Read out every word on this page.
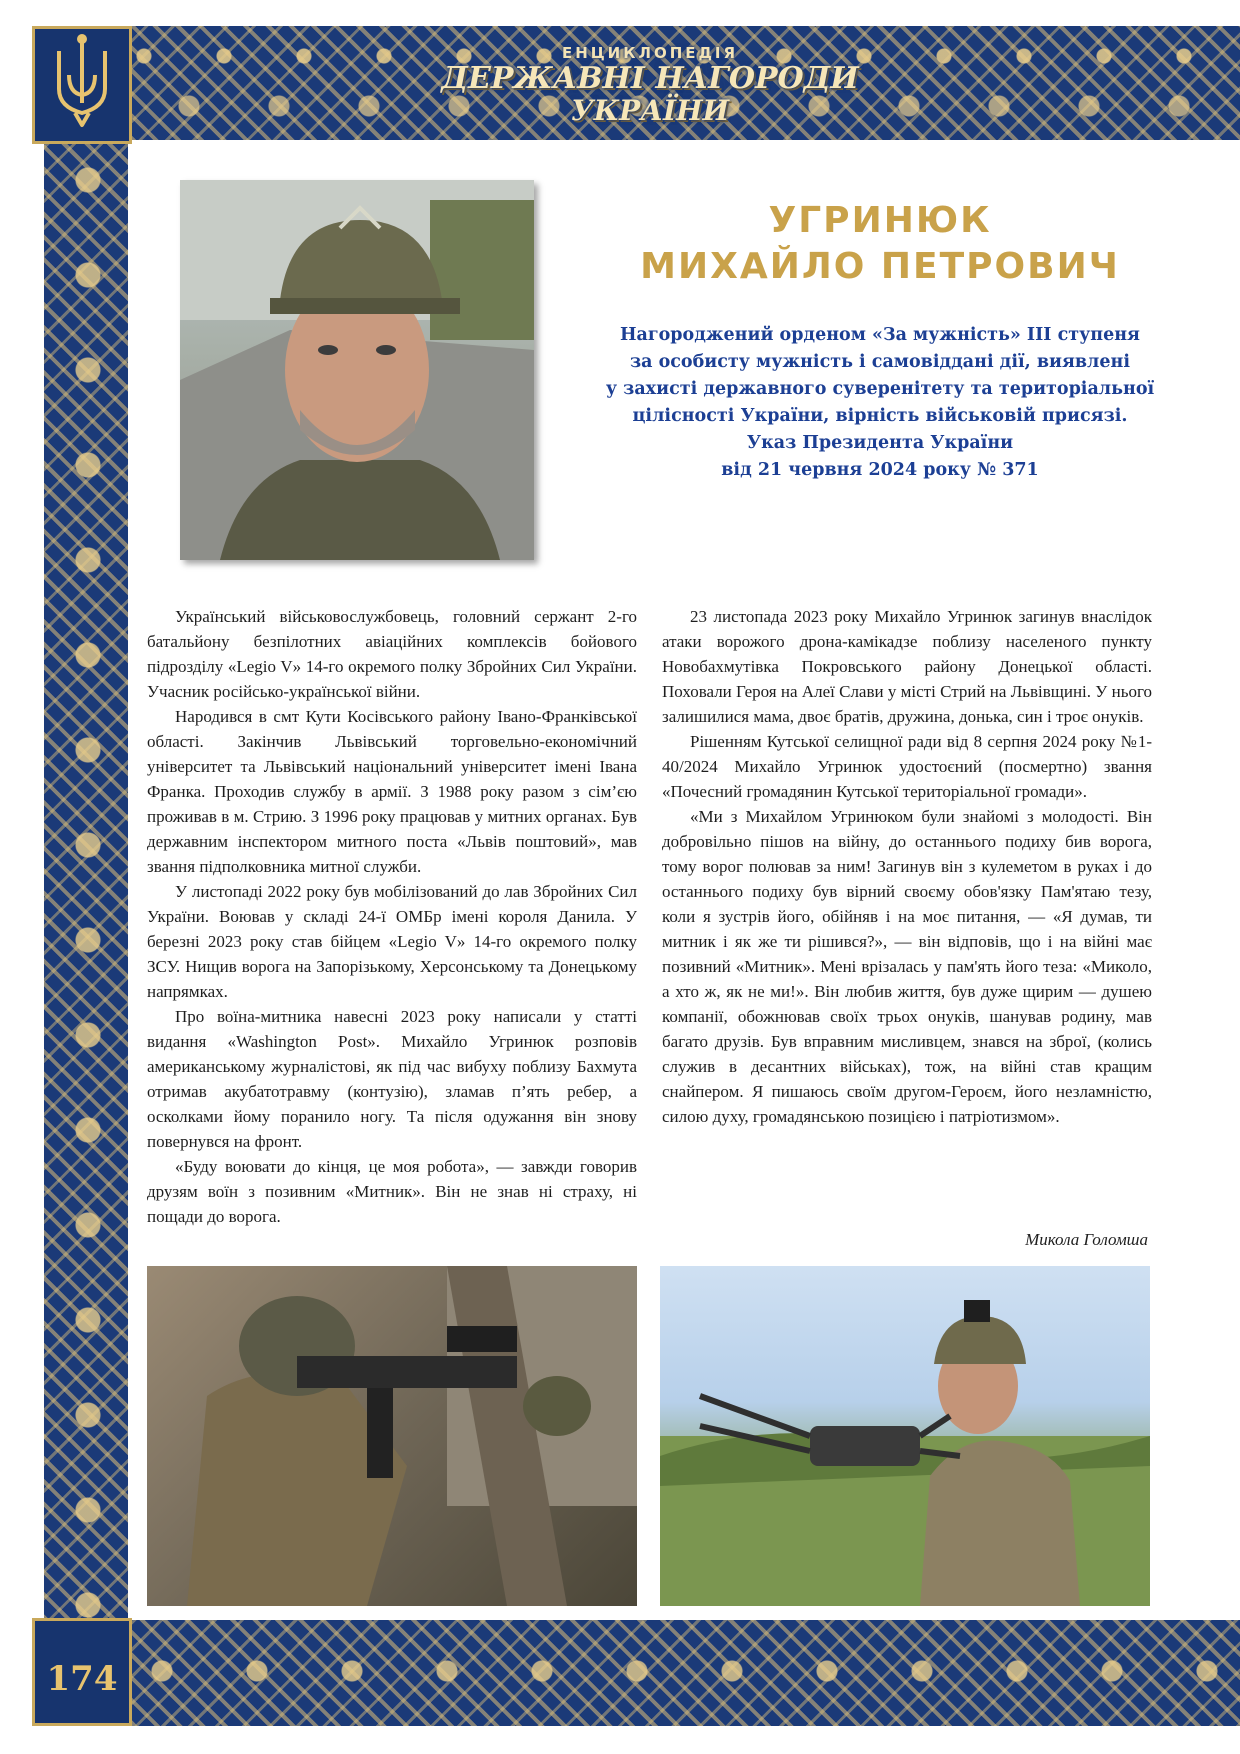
ЕНЦИКЛОПЕДІЯ
ДЕРЖАВНІ НАГОРОДИ
УКРАЇНИ
УГРИНЮК
МИХАЙЛО ПЕТРОВИЧ
Нагороджений орденом «За мужність» III ступеня
за особисту мужність і самовіддані дії, виявлені
у захисті державного суверенітету та територіальної
цілісності України, вірність військовій присязі.
Указ Президента України
від 21 червня 2024 року № 371

Український військовослужбовець, головний сержант 2-го батальйону безпілотних авіаційних комплексів бойового підрозділу «Legio V» 14-го окремого полку Збройних Сил України. Учасник російсько-української війни.

Народився в смт Кути Косівського району Івано-Франківської області. Закінчив Львівський торговельно-економічний університет та Львівський національний університет імені Івана Франка. Проходив службу в армії. З 1988 року разом з сім’єю проживав в м. Стрию. З 1996 року працював у митних органах. Був державним інспектором митного поста «Львів поштовий», мав звання підполковника митної служби.

У листопаді 2022 року був мобілізований до лав Збройних Сил України. Воював у складі 24-ї ОМБр імені короля Данила. У березні 2023 року став бійцем «Legio V» 14-го окремого полку ЗСУ. Нищив ворога на Запорізькому, Херсонському та Донецькому напрямках.

Про воїна-митника навесні 2023 року написали у статті видання «Washington Post». Михайло Угринюк розповів американському журналістові, як під час вибуху поблизу Бахмута отримав акубатотравму (контузію), зламав п’ять ребер, а осколками йому поранило ногу. Та після одужання він знову повернувся на фронт.

«Буду воювати до кінця, це моя робота», — завжди говорив друзям воїн з позивним «Митник». Він не знав ні страху, ні пощади до ворога.

23 листопада 2023 року Михайло Угринюк загинув внаслідок атаки ворожого дрона-камікадзе поблизу населеного пункту Новобахмутівка Покровського району Донецької області. Поховали Героя на Алеї Слави у місті Стрий на Львівщині. У нього залишилися мама, двоє братів, дружина, донька, син і троє онуків.

Рішенням Кутської селищної ради від 8 серпня 2024 року №1-40/2024 Михайло Угринюк удостоєний (посмертно) звання «Почесний громадянин Кутської територіальної громади».

«Ми з Михайлом Угринюком були знайомі з молодості. Він добровільно пішов на війну, до останнього подиху бив ворога, тому ворог полював за ним! Загинув він з кулеметом в руках і до останнього подиху був вірний своєму обов'язку Пам'ятаю тезу, коли я зустрів його, обійняв і на моє питання, — «Я думав, ти митник і як же ти рішився?», — він відповів, що і на війні має позивний «Митник». Мені врізалась у пам'ять його теза: «Миколо, а хто ж, як не ми!». Він любив життя, був дуже щирим — душею компанії, обожнював своїх трьох онуків, шанував родину, мав багато друзів. Був вправним мисливцем, знався на зброї, (колись служив в десантних військах), тож, на війні став кращим снайпером. Я пишаюсь своїм другом-Героєм, його незламністю, силою духу, громадянською позицією і патріотизмом».

Микола Голомша
174
